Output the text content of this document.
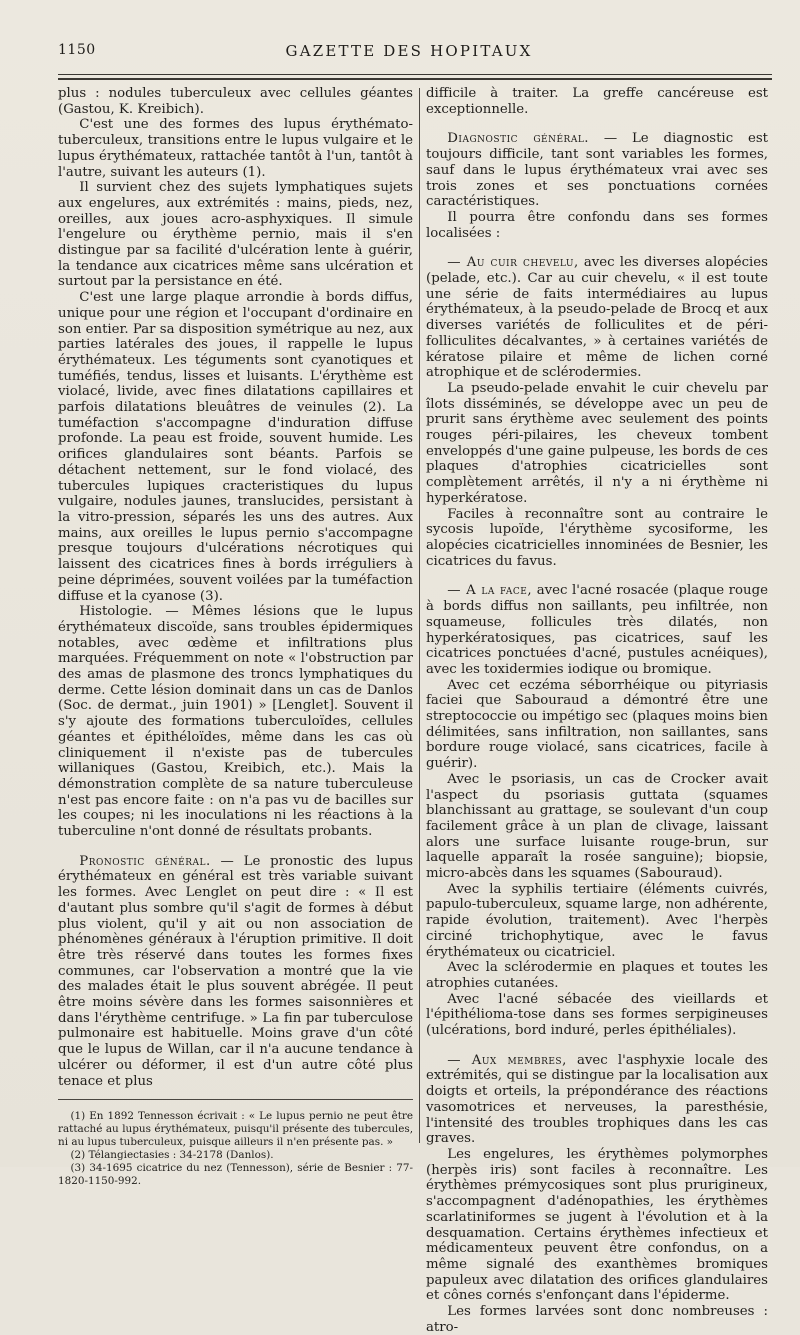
1150	GAZETTE DES HOPITAUX

plus : nodules tuberculeux avec cellules géantes (Gastou, K. Kreibich).

C'est une des formes des lupus érythémato-tuberculeux, transitions entre le lupus vulgaire et le lupus érythémateux, rattachée tantôt à l'un, tantôt à l'autre, suivant les auteurs (1).

Il survient chez des sujets lymphatiques sujets aux engelures, aux extrémités : mains, pieds, nez, oreilles, aux joues acro-asphyxiques. Il simule l'engelure ou érythème pernio, mais il s'en distingue par sa facilité d'ulcération lente à guérir, la tendance aux cicatrices même sans ulcération et surtout par la persistance en été.

C'est une large plaque arrondie à bords diffus, unique pour une région et l'occupant d'ordinaire en son entier. Par sa disposition symétrique au nez, aux parties latérales des joues, il rappelle le lupus érythémateux. Les téguments sont cyanotiques et tuméfiés, tendus, lisses et luisants. L'érythème est violacé, livide, avec fines dilatations capillaires et parfois dilatations bleuâtres de veinules (2). La tuméfaction s'accompagne d'induration diffuse profonde. La peau est froide, souvent humide. Les orifices glandulaires sont béants. Parfois se détachent nettement, sur le fond violacé, des tubercules lupiques cracteristiques du lupus vulgaire, nodules jaunes, translucides, persistant à la vitro-pression, séparés les uns des autres. Aux mains, aux oreilles le lupus pernio s'accompagne presque toujours d'ulcérations nécrotiques qui laissent des cicatrices fines à bords irréguliers à peine déprimées, souvent voilées par la tuméfaction diffuse et la cyanose (3).

Histologie. — Mêmes lésions que le lupus érythémateux discoïde, sans troubles épidermiques notables, avec œdème et infiltrations plus marquées. Fréquemment on note « l'obstruction par des amas de plasmone des troncs lymphatiques du derme. Cette lésion dominait dans un cas de Danlos (Soc. de dermat., juin 1901) » [Lenglet]. Souvent il s'y ajoute des formations tuberculoïdes, cellules géantes et épithéloïdes, même dans les cas où cliniquement il n'existe pas de tubercules willaniques (Gastou, Kreibich, etc.). Mais la démonstration complète de sa nature tuberculeuse n'est pas encore faite : on n'a pas vu de bacilles sur les coupes; ni les inoculations ni les réactions à la tuberculine n'ont donné de résultats probants.

Pronostic général. — Le pronostic des lupus érythémateux en général est très variable suivant les formes. Avec Lenglet on peut dire : « Il est d'autant plus sombre qu'il s'agit de formes à début plus violent, qu'il y ait ou non association de phénomènes généraux à l'éruption primitive. Il doit être très réservé dans toutes les formes fixes communes, car l'observation a montré que la vie des malades était le plus souvent abrégée. Il peut être moins sévère dans les formes saisonnières et dans l'érythème centrifuge. » La fin par tuberculose pulmonaire est habituelle. Moins grave d'un côté que le lupus de Willan, car il n'a aucune tendance à ulcérer ou déformer, il est d'un autre côté plus tenace et plus

(1) En 1892 Tennesson écrivait : « Le lupus pernio ne peut être rattaché au lupus érythémateux, puisqu'il présente des tubercules, ni au lupus tuberculeux, puisque ailleurs il n'en présente pas. »

(2) Télangiectasies : 34-2178 (Danlos).

(3) 34-1695 cicatrice du nez (Tennesson), série de Besnier : 77-1820-1150-992.

difficile à traiter. La greffe cancéreuse est exceptionnelle.

Diagnostic général. — Le diagnostic est toujours difficile, tant sont variables les formes, sauf dans le lupus érythémateux vrai avec ses trois zones et ses ponctuations cornées caractéristiques.

Il pourra être confondu dans ses formes localisées :

— Au cuir chevelu, avec les diverses alopécies (pelade, etc.). Car au cuir chevelu, « il est toute une série de faits intermédiaires au lupus érythémateux, à la pseudo-pelade de Brocq et aux diverses variétés de folliculites et de péri-folliculites décalvantes, » à certaines variétés de kératose pilaire et même de lichen corné atrophique et de sclérodermies.

La pseudo-pelade envahit le cuir chevelu par îlots disséminés, se développe avec un peu de prurit sans érythème avec seulement des points rouges péri-pilaires, les cheveux tombent enveloppés d'une gaine pulpeuse, les bords de ces plaques d'atrophies cicatricielles sont complètement arrêtés, il n'y a ni érythème ni hyperkératose.

Faciles à reconnaître sont au contraire le sycosis lupoïde, l'érythème sycosiforme, les alopécies cicatricielles innominées de Besnier, les cicatrices du favus.

— A la face, avec l'acné rosacée (plaque rouge à bords diffus non saillants, peu infiltrée, non squameuse, follicules très dilatés, non hyperkératosiques, pas cicatrices, sauf les cicatrices ponctuées d'acné, pustules acnéiques), avec les toxidermies iodique ou bromique.

Avec cet eczéma séborrhéique ou pityriasis faciei que Sabouraud a démontré être une streptococcie ou impétigo sec (plaques moins bien délimitées, sans infiltration, non saillantes, sans bordure rouge violacé, sans cicatrices, facile à guérir).

Avec le psoriasis, un cas de Crocker avait l'aspect du psoriasis guttata (squames blanchissant au grattage, se soulevant d'un coup facilement grâce à un plan de clivage, laissant alors une surface luisante rouge-brun, sur laquelle apparaît la rosée sanguine); biopsie, micro-abcès dans les squames (Sabouraud).

Avec la syphilis tertiaire (éléments cuivrés, papulo-tuberculeux, squame large, non adhérente, rapide évolution, traitement). Avec l'herpès circiné trichophytique, avec le favus érythémateux ou cicatriciel.

Avec la sclérodermie en plaques et toutes les atrophies cutanées.

Avec l'acné sébacée des vieillards et l'épithélioma-tose dans ses formes serpigineuses (ulcérations, bord induré, perles épithéliales).

— Aux membres, avec l'asphyxie locale des extrémités, qui se distingue par la localisation aux doigts et orteils, la prépondérance des réactions vasomotrices et nerveuses, la paresthésie, l'intensité des troubles trophiques dans les cas graves.

Les engelures, les érythèmes polymorphes (herpès iris) sont faciles à reconnaître. Les érythèmes prémycosiques sont plus prurigineux, s'accompagnent d'adénopathies, les érythèmes scarlatiniformes se jugent à l'évolution et à la desquamation. Certains érythèmes infectieux et médicamenteux peuvent être confondus, on a même signalé des exanthèmes bromiques papuleux avec dilatation des orifices glandulaires et cônes cornés s'enfonçant dans l'épiderme.

Les formes larvées sont donc nombreuses : atro-
